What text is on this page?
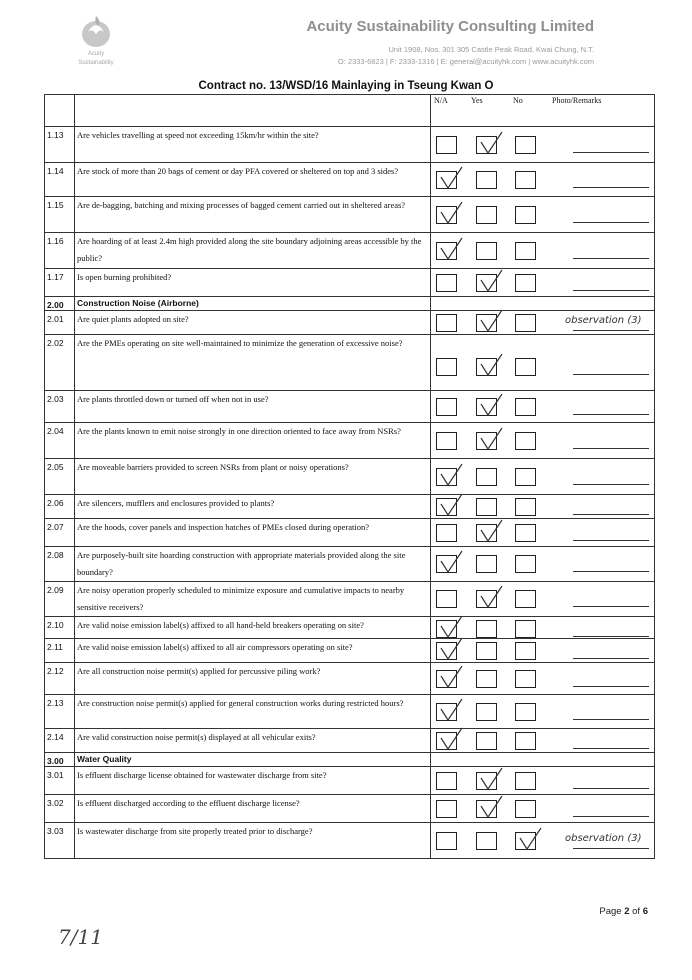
Acuity
Sustainability
Acuity Sustainability Consulting Limited
Unit 1908, Nos. 301 305 Castle Peak Road, Kwai Chung, N.T.
O: 2333-6823 | F: 2333-1316 | E: general@acuityhk.com | www.acuityhk.com
Contract no. 13/WSD/16 Mainlaying in Tseung Kwan O

		N/A Yes No Photo/Remarks

1.13	Are vehicles travelling at speed not exceeding 15km/hr within the site?	

1.14	Are stock of more than 20 bags of cement or day PFA covered or sheltered on top and 3 sides?	

1.15	Are de-bagging, batching and mixing processes of bagged cement carried out in sheltered areas?	

1.16	Are hoarding of at least 2.4m high provided along the site boundary adjoining areas accessible by the public?	

1.17	Is open burning prohibited?	

2.00	Construction Noise (Airborne)	
2.01	Are quiet plants adopted on site?	observation (3)

2.02	Are the PMEs operating on site well-maintained to minimize the generation of excessive noise?	

2.03	Are plants throttled down or turned off when not in use?	

2.04	Are the plants known to emit noise strongly in one direction oriented to face away from NSRs?	

2.05	Are moveable barriers provided to screen NSRs from plant or noisy operations?	

2.06	Are silencers, mufflers and enclosures provided to plants?	

2.07	Are the hoods, cover panels and inspection hatches of PMEs closed during operation?	

2.08	Are purposely-built site hoarding construction with appropriate materials provided along the site boundary?	

2.09	Are noisy operation properly scheduled to minimize exposure and cumulative impacts to nearby sensitive receivers?	

2.10	Are valid noise emission label(s) affixed to all hand-held breakers operating on site?	

2.11	Are valid noise emission label(s) affixed to all air compressors operating on site?	

2.12	Are all construction noise permit(s) applied for percussive piling work?	

2.13	Are construction noise permit(s) applied for general construction works during restricted hours?	

2.14	Are valid construction noise permit(s) displayed at all vehicular exits?	

3.00	Water Quality	
3.01	Is effluent discharge license obtained for wastewater discharge from site?	

3.02	Is effluent discharged according to the effluent discharge license?	

3.03	Is wastewater discharge from site properly treated prior to discharge?	observation (3)
Page 2 of 6
7/11
